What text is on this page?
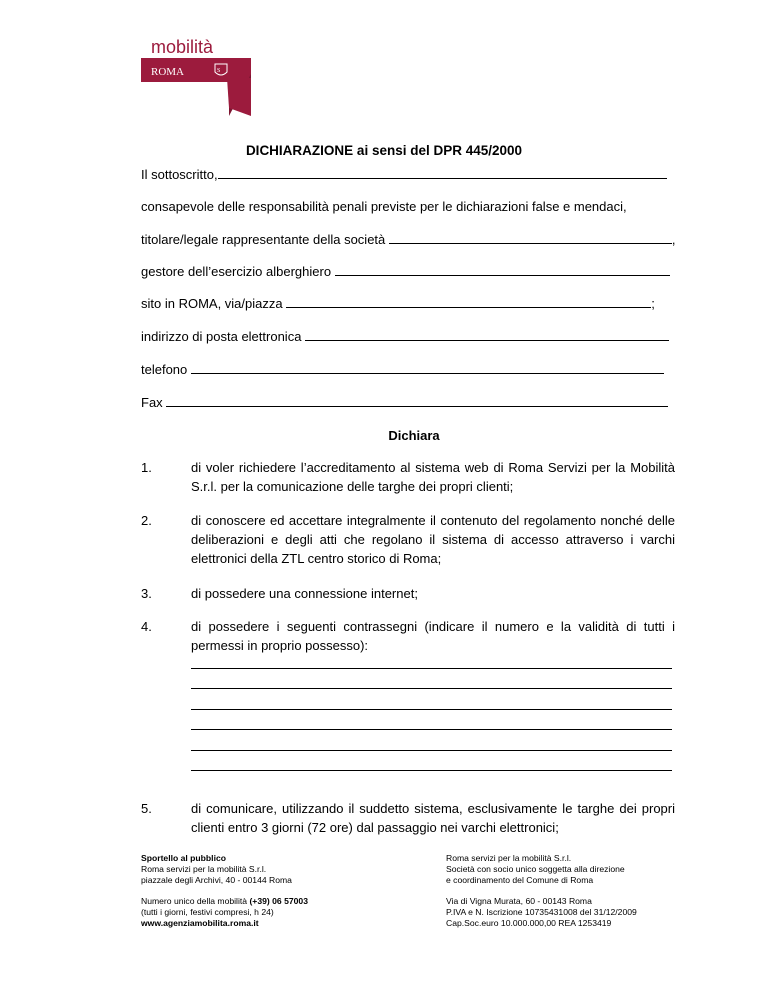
mobilità
ROMA	S
DICHIARAZIONE ai sensi del DPR 445/2000
Il sottoscritto,
consapevole delle responsabilità penali previste per le dichiarazioni false e mendaci,
titolare/legale rappresentante della società	,
gestore dell’esercizio alberghiero
sito in ROMA, via/piazza	;
indirizzo di posta elettronica
telefono
Fax
Dichiara
1.	di voler richiedere l’accreditamento al sistema web di Roma Servizi per la Mobilità S.r.l. per la comunicazione delle targhe dei propri clienti;
2.	di conoscere ed accettare integralmente il contenuto del regolamento nonché delle deliberazioni e degli atti che regolano il sistema di accesso attraverso i varchi elettronici della ZTL centro storico di Roma;
3.	di possedere una connessione internet;
4.	di possedere i seguenti contrassegni (indicare il numero e la validità di tutti i permessi in proprio possesso):
5.	di comunicare, utilizzando il suddetto sistema, esclusivamente le targhe dei propri clienti entro 3 giorni (72 ore) dal passaggio nei varchi elettronici;
Sportello al pubblico
Roma servizi per la mobilità S.r.l.
piazzale degli Archivi, 40 - 00144 Roma
Numero unico della mobilità (+39) 06 57003
(tutti i giorni, festivi compresi, h 24)
www.agenziamobilita.roma.it
Roma servizi per la mobilità S.r.l.
Società con socio unico soggetta alla direzione
e coordinamento del Comune di Roma
Via di Vigna Murata, 60 - 00143 Roma
P.IVA e N. Iscrizione 10735431008 del 31/12/2009
Cap.Soc.euro 10.000.000,00 REA 1253419
